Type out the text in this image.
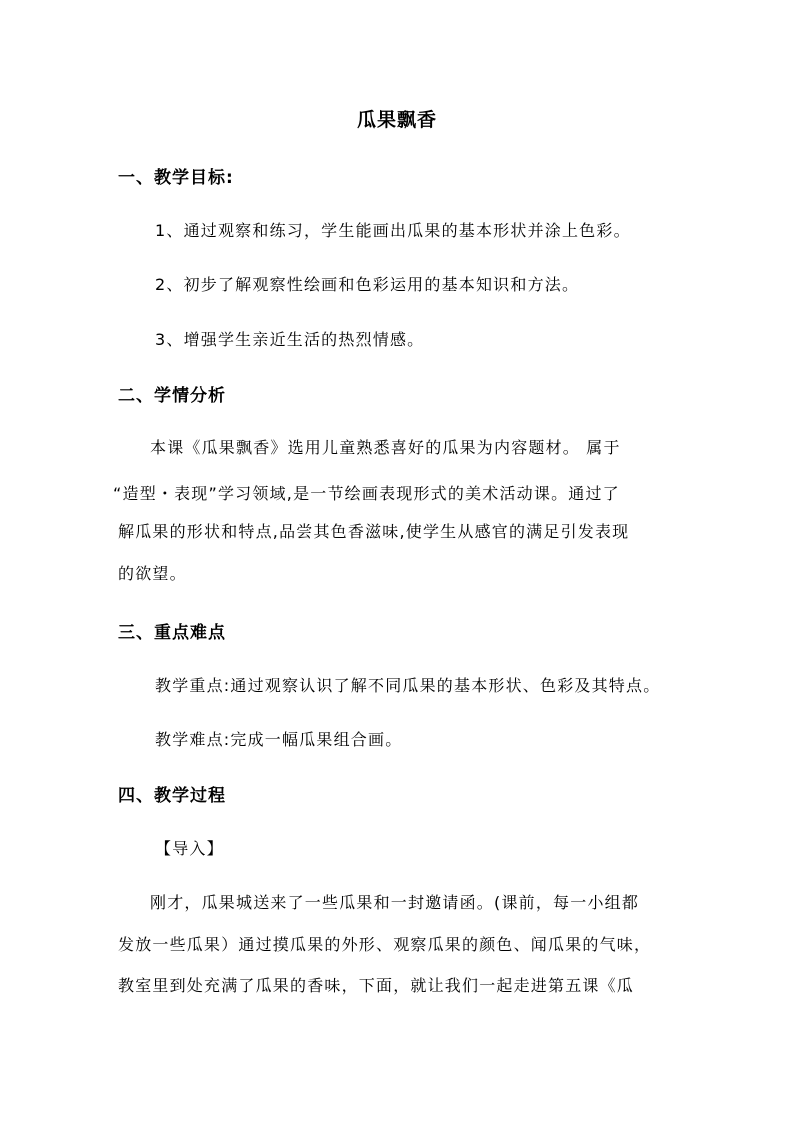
瓜果飘香
一、教学目标:
1、通过观察和练习，学生能画出瓜果的基本形状并涂上色彩。
2、初步了解观察性绘画和色彩运用的基本知识和方法。
3、增强学生亲近生活的热烈情感。
二、学情分析
本课《瓜果飘香》选用儿童熟悉喜好的瓜果为内容题材。 属于
“造型・表现”学习领域,是一节绘画表现形式的美术活动课。通过了
解瓜果的形状和特点,品尝其色香滋味,使学生从感官的满足引发表现
的欲望。
三、重点难点
教学重点:通过观察认识了解不同瓜果的基本形状、色彩及其特点。
教学难点:完成一幅瓜果组合画。
四、教学过程
【导入】
刚才，瓜果城送来了一些瓜果和一封邀请函。(课前，每一小组都
发放一些瓜果）通过摸瓜果的外形、观察瓜果的颜色、闻瓜果的气味，
教室里到处充满了瓜果的香味，下面，就让我们一起走进第五课《瓜
